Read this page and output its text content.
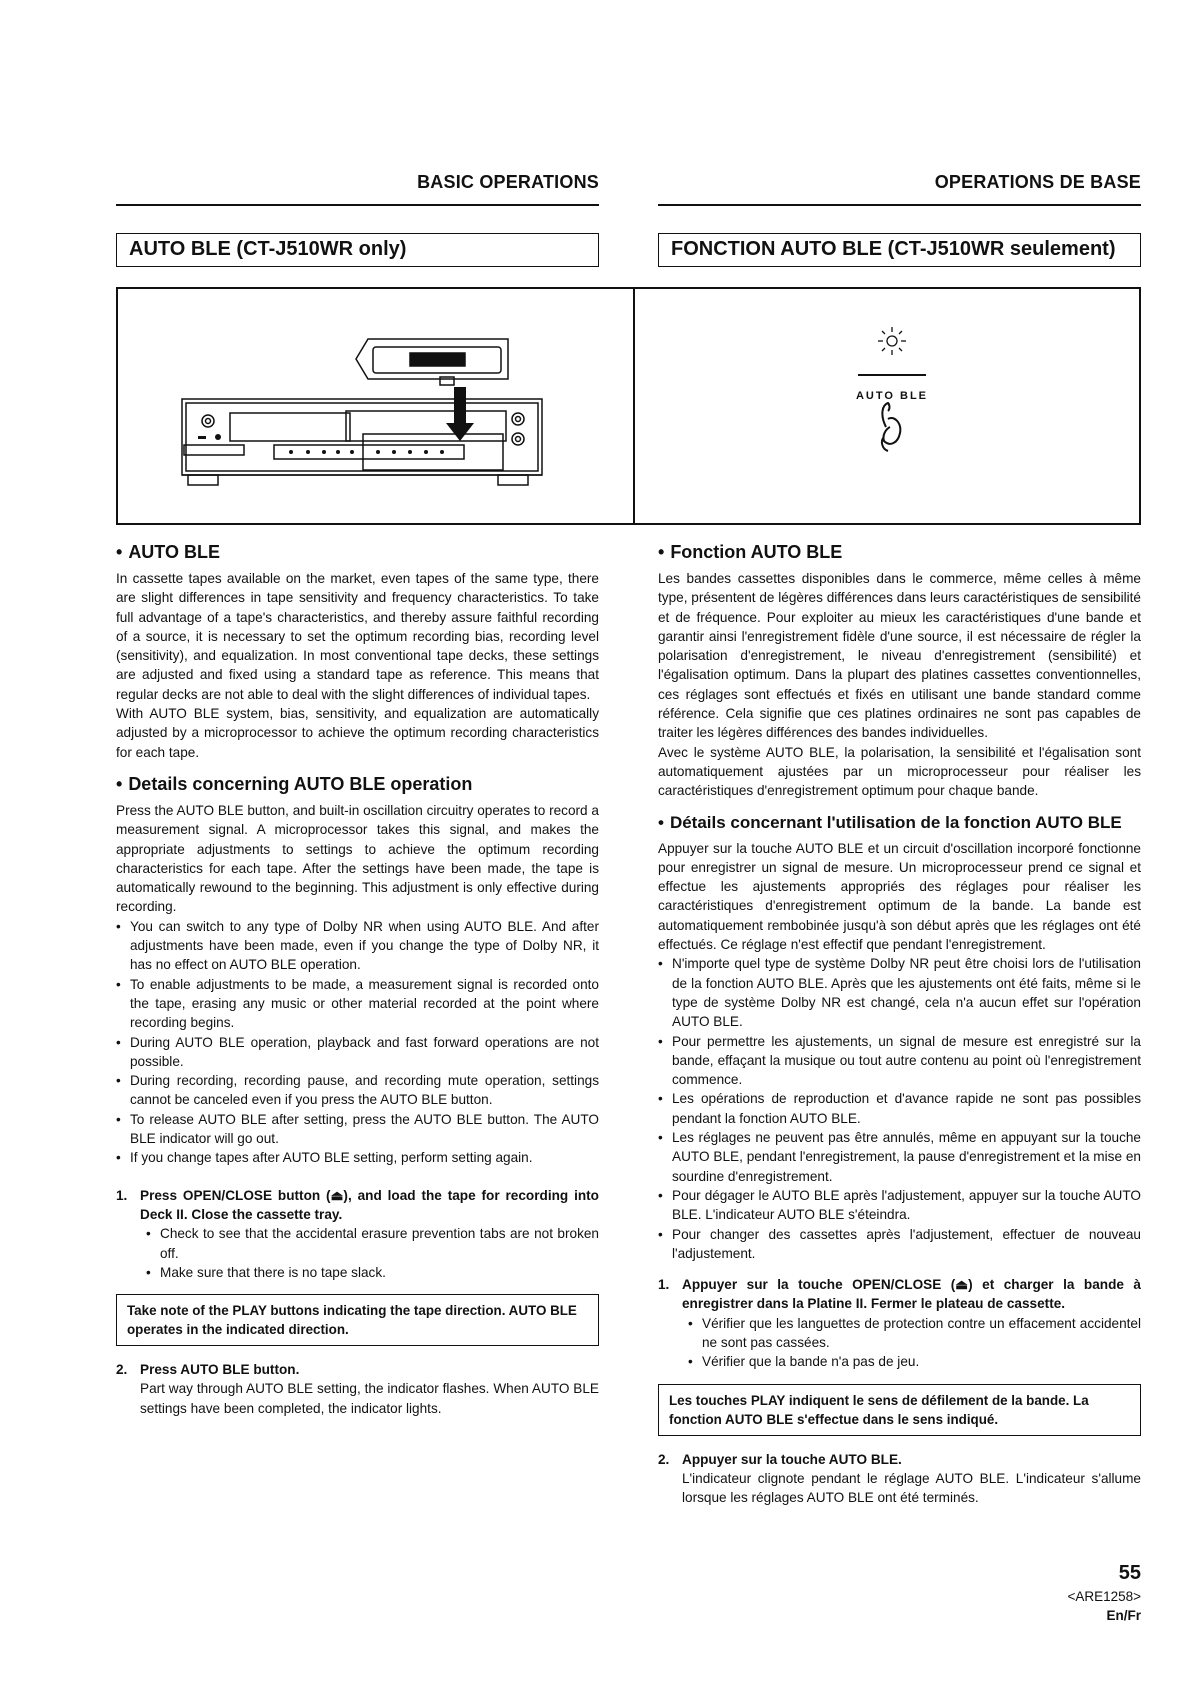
BASIC OPERATIONS
AUTO BLE (CT-J510WR only)
OPERATIONS DE BASE
FONCTION AUTO BLE (CT-J510WR seulement)
AUTO BLE
• AUTO BLE

In cassette tapes available on the market, even tapes of the same type, there are slight differences in tape sensitivity and frequency characteristics. To take full advantage of a tape's characteristics, and thereby assure faithful recording of a source, it is necessary to set the optimum recording bias, recording level (sensitivity), and equalization. In most conventional tape decks, these settings are adjusted and fixed using a standard tape as reference. This means that regular decks are not able to deal with the slight differences of individual tapes.

With AUTO BLE system, bias, sensitivity, and equalization are automatically adjusted by a microprocessor to achieve the optimum recording characteristics for each tape.

• Details concerning AUTO BLE operation

Press the AUTO BLE button, and built-in oscillation circuitry operates to record a measurement signal. A microprocessor takes this signal, and makes the appropriate adjustments to settings to achieve the optimum recording characteristics for each tape. After the settings have been made, the tape is automatically rewound to the beginning. This adjustment is only effective during recording.

• You can switch to any type of Dolby NR when using AUTO BLE. And after adjustments have been made, even if you change the type of Dolby NR, it has no effect on AUTO BLE operation.
• To enable adjustments to be made, a measurement signal is recorded onto the tape, erasing any music or other material recorded at the point where recording begins.
• During AUTO BLE operation, playback and fast forward operations are not possible.
• During recording, recording pause, and recording mute operation, settings cannot be canceled even if you press the AUTO BLE button.
• To release AUTO BLE after setting, press the AUTO BLE button. The AUTO BLE indicator will go out.
• If you change tapes after AUTO BLE setting, perform setting again.
1. Press OPEN/CLOSE button (⏏), and load the tape for recording into Deck II. Close the cassette tray.

• Check to see that the accidental erasure prevention tabs are not broken off.
• Make sure that there is no tape slack.
Take note of the PLAY buttons indicating the tape direction. AUTO BLE operates in the indicated direction.
2. Press AUTO BLE button.

Part way through AUTO BLE setting, the indicator flashes. When AUTO BLE settings have been completed, the indicator lights.

• Fonction AUTO BLE

Les bandes cassettes disponibles dans le commerce, même celles à même type, présentent de légères différences dans leurs caractéristiques de sensibilité et de fréquence. Pour exploiter au mieux les caractéristiques d'une bande et garantir ainsi l'enregistrement fidèle d'une source, il est nécessaire de régler la polarisation d'enregistrement, le niveau d'enregistrement (sensibilité) et l'égalisation optimum. Dans la plupart des platines cassettes conventionnelles, ces réglages sont effectués et fixés en utilisant une bande standard comme référence. Cela signifie que ces platines ordinaires ne sont pas capables de traiter les légères différences des bandes individuelles.

Avec le système AUTO BLE, la polarisation, la sensibilité et l'égalisation sont automatiquement ajustées par un microprocesseur pour réaliser les caractéristiques d'enregistrement optimum pour chaque bande.

• Détails concernant l'utilisation de la fonction AUTO BLE

Appuyer sur la touche AUTO BLE et un circuit d'oscillation incorporé fonctionne pour enregistrer un signal de mesure. Un microprocesseur prend ce signal et effectue les ajustements appropriés des réglages pour réaliser les caractéristiques d'enregistrement optimum de la bande. La bande est automatiquement rembobinée jusqu'à son début après que les réglages ont été effectués. Ce réglage n'est effectif que pendant l'enregistrement.

• N'importe quel type de système Dolby NR peut être choisi lors de l'utilisation de la fonction AUTO BLE. Après que les ajustements ont été faits, même si le type de système Dolby NR est changé, cela n'a aucun effet sur l'opération AUTO BLE.
• Pour permettre les ajustements, un signal de mesure est enregistré sur la bande, effaçant la musique ou tout autre contenu au point où l'enregistrement commence.
• Les opérations de reproduction et d'avance rapide ne sont pas possibles pendant la fonction AUTO BLE.
• Les réglages ne peuvent pas être annulés, même en appuyant sur la touche AUTO BLE, pendant l'enregistrement, la pause d'enregistrement et la mise en sourdine d'enregistrement.
• Pour dégager le AUTO BLE après l'adjustement, appuyer sur la touche AUTO BLE. L'indicateur AUTO BLE s'éteindra.
• Pour changer des cassettes après l'adjustement, effectuer de nouveau l'adjustement.
1. Appuyer sur la touche OPEN/CLOSE (⏏) et charger la bande à enregistrer dans la Platine II. Fermer le plateau de cassette.

• Vérifier que les languettes de protection contre un effacement accidentel ne sont pas cassées.
• Vérifier que la bande n'a pas de jeu.
Les touches PLAY indiquent le sens de défilement de la bande. La fonction AUTO BLE s'effectue dans le sens indiqué.
2. Appuyer sur la touche AUTO BLE.

L'indicateur clignote pendant le réglage AUTO BLE. L'indicateur s'allume lorsque les réglages AUTO BLE ont été terminés.

55
<ARE1258>
En/Fr
